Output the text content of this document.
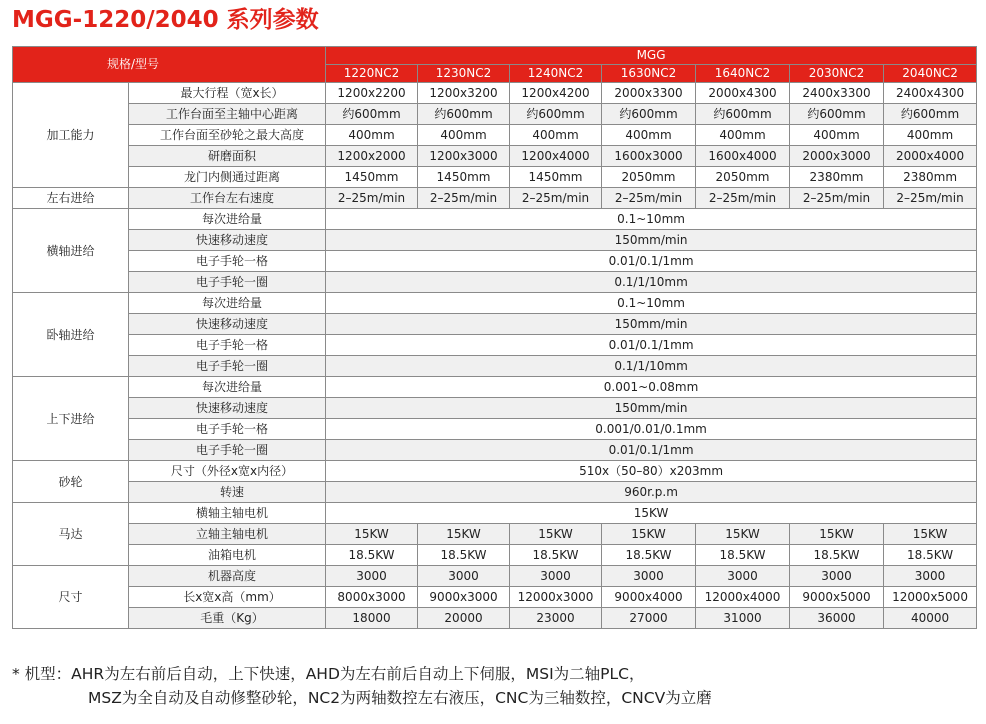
MGG-1220/2040 系列参数
规格/型号		MGG						
		1220NC2	1230NC2	1240NC2	1630NC2	1640NC2	2030NC2	2040NC2
加工能力	最大行程（宽x长）	1200x2200	1200x3200	1200x4200	2000x3300	2000x4300	2400x3300	2400x4300
	工作台面至主轴中心距离	约600mm	约600mm	约600mm	约600mm	约600mm	约600mm	约600mm
	工作台面至砂轮之最大高度	400mm	400mm	400mm	400mm	400mm	400mm	400mm
	研磨面积	1200x2000	1200x3000	1200x4000	1600x3000	1600x4000	2000x3000	2000x4000
	龙门内侧通过距离	1450mm	1450mm	1450mm	2050mm	2050mm	2380mm	2380mm
左右进给	工作台左右速度	2–25m/min	2–25m/min	2–25m/min	2–25m/min	2–25m/min	2–25m/min	2–25m/min
横轴进给	每次进给量	0.1~10mm						
	快速移动速度	150mm/min						
	电子手轮一格	0.01/0.1/1mm						
	电子手轮一圈	0.1/1/10mm						
卧轴进给	每次进给量	0.1~10mm						
	快速移动速度	150mm/min						
	电子手轮一格	0.01/0.1/1mm						
	电子手轮一圈	0.1/1/10mm						
上下进给	每次进给量	0.001~0.08mm						
	快速移动速度	150mm/min						
	电子手轮一格	0.001/0.01/0.1mm						
	电子手轮一圈	0.01/0.1/1mm						
砂轮	尺寸（外径x宽x内径）	510x（50–80）x203mm						
	转速	960r.p.m						
马达	横轴主轴电机	15KW						
	立轴主轴电机	15KW	15KW	15KW	15KW	15KW	15KW	15KW
	油箱电机	18.5KW	18.5KW	18.5KW	18.5KW	18.5KW	18.5KW	18.5KW
尺寸	机器高度	3000	3000	3000	3000	3000	3000	3000
	长x宽x高（mm）	8000x3000	9000x3000	12000x3000	9000x4000	12000x4000	9000x5000	12000x5000
	毛重（Kg）	18000	20000	23000	27000	31000	36000	40000
* 机型：AHR为左右前后自动，上下快速，AHD为左右前后自动上下伺服，MSI为二轴PLC，
MSZ为全自动及自动修整砂轮，NC2为两轴数控左右液压，CNC为三轴数控，CNCV为立磨
